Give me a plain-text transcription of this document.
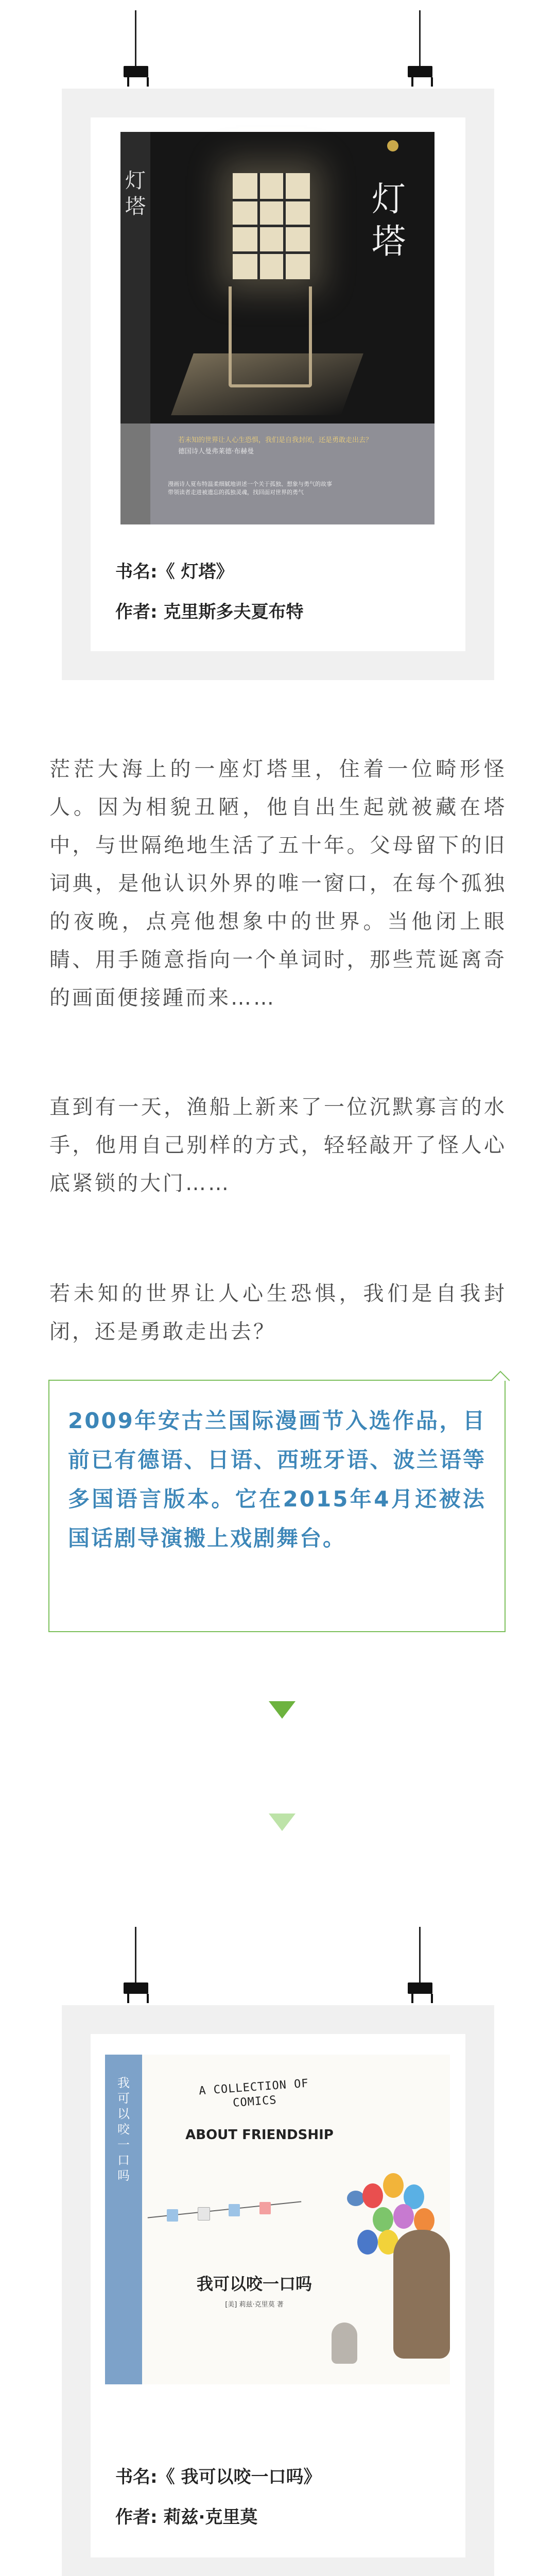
灯塔	灯塔
若未知的世界让人心生恐惧，我们是自我封闭，还是勇敢走出去？
德国诗人曼弗莱德·布赫曼
漫画诗人夏布特温柔细腻地讲述一个关于孤独、想象与勇气的故事
带领读者走进被遗忘的孤独灵魂，找回面对世界的勇气
书名:《 灯塔》
作者: 克里斯多夫夏布特
茫茫大海上的一座灯塔里，住着一位畸形怪人。因为相貌丑陋，他自出生起就被藏在塔中，与世隔绝地生活了五十年。父母留下的旧词典，是他认识外界的唯一窗口，在每个孤独的夜晚，点亮他想象中的世界。当他闭上眼睛、用手随意指向一个单词时，那些荒诞离奇的画面便接踵而来……
直到有一天，渔船上新来了一位沉默寡言的水手，他用自己别样的方式，轻轻敲开了怪人心底紧锁的大门……
若未知的世界让人心生恐惧，我们是自我封闭，还是勇敢走出去？
2009年安古兰国际漫画节入选作品，目前已有德语、日语、西班牙语、波兰语等多国语言版本。它在2015年4月还被法国话剧导演搬上戏剧舞台。
我可以咬一口吗
A COLLECTION OF COMICS
ABOUT FRIENDSHIP
我可以咬一口吗
[美] 莉兹·克里莫 著
书名:《 我可以咬一口吗》
作者: 莉兹·克里莫
